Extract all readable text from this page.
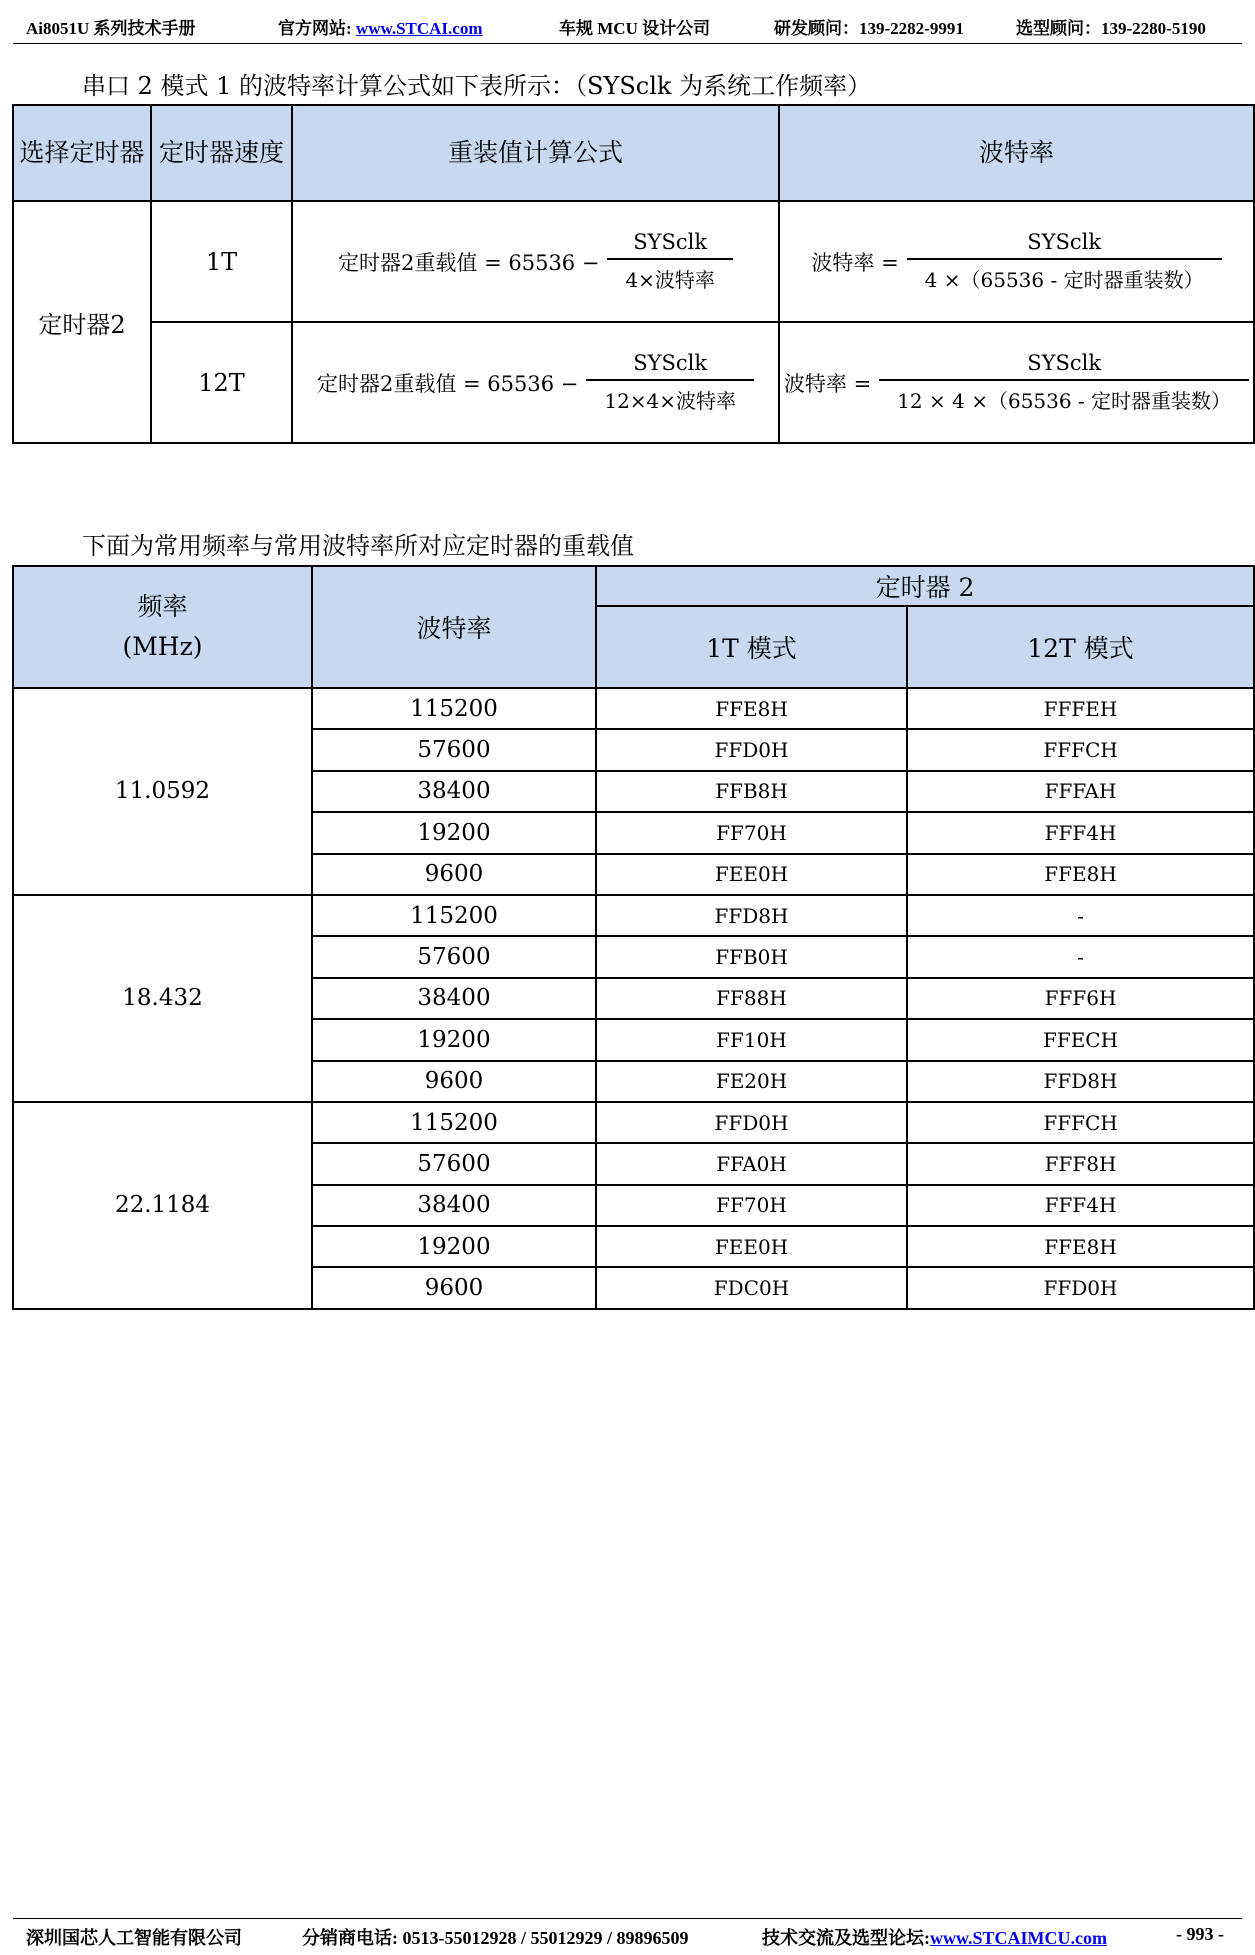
Ai8051U 系列技术手册	官方网站: www.STCAI.com	车规 MCU 设计公司	研发顾问：139-2282-9991	选型顾问：139-2280-5190
串口 2 模式 1 的波特率计算公式如下表所示：（SYSclk 为系统工作频率）
选择定时器	定时器速度	重装值计算公式	波特率
定时器2	1T	定时器2重载值 = $65536 - \frac{\text{SYSclk}}{\text{4×波特率}}$	波特率 = $\frac{\text{SYSclk}}{\text{4 ×（65536 - 定时器重装数）}}$

	12T	定时器2重载值 = $65536 - \frac{\text{SYSclk}}{\text{12×4×波特率}}$	波特率 = $\frac{\text{SYSclk}}{\text{12 × 4 ×（65536 - 定时器重装数）}}$
下面为常用频率与常用波特率所对应定时器的重载值
频率
(MHz)	波特率	定时器 2	
		1T 模式	12T 模式
11.0592	115200	FFE8H	FFFEH
	57600	FFD0H	FFFCH
	38400	FFB8H	FFFAH
	19200	FF70H	FFF4H
	9600	FEE0H	FFE8H
18.432	115200	FFD8H	-
	57600	FFB0H	-
	38400	FF88H	FFF6H
	19200	FF10H	FFECH
	9600	FE20H	FFD8H
22.1184	115200	FFD0H	FFFCH
	57600	FFA0H	FFF8H
	38400	FF70H	FFF4H
	19200	FEE0H	FFE8H
	9600	FDC0H	FFD0H
深圳国芯人工智能有限公司	分销商电话: 0513-55012928 / 55012929 / 89896509	技术交流及选型论坛:www.STCAIMCU.com	- 993 -
